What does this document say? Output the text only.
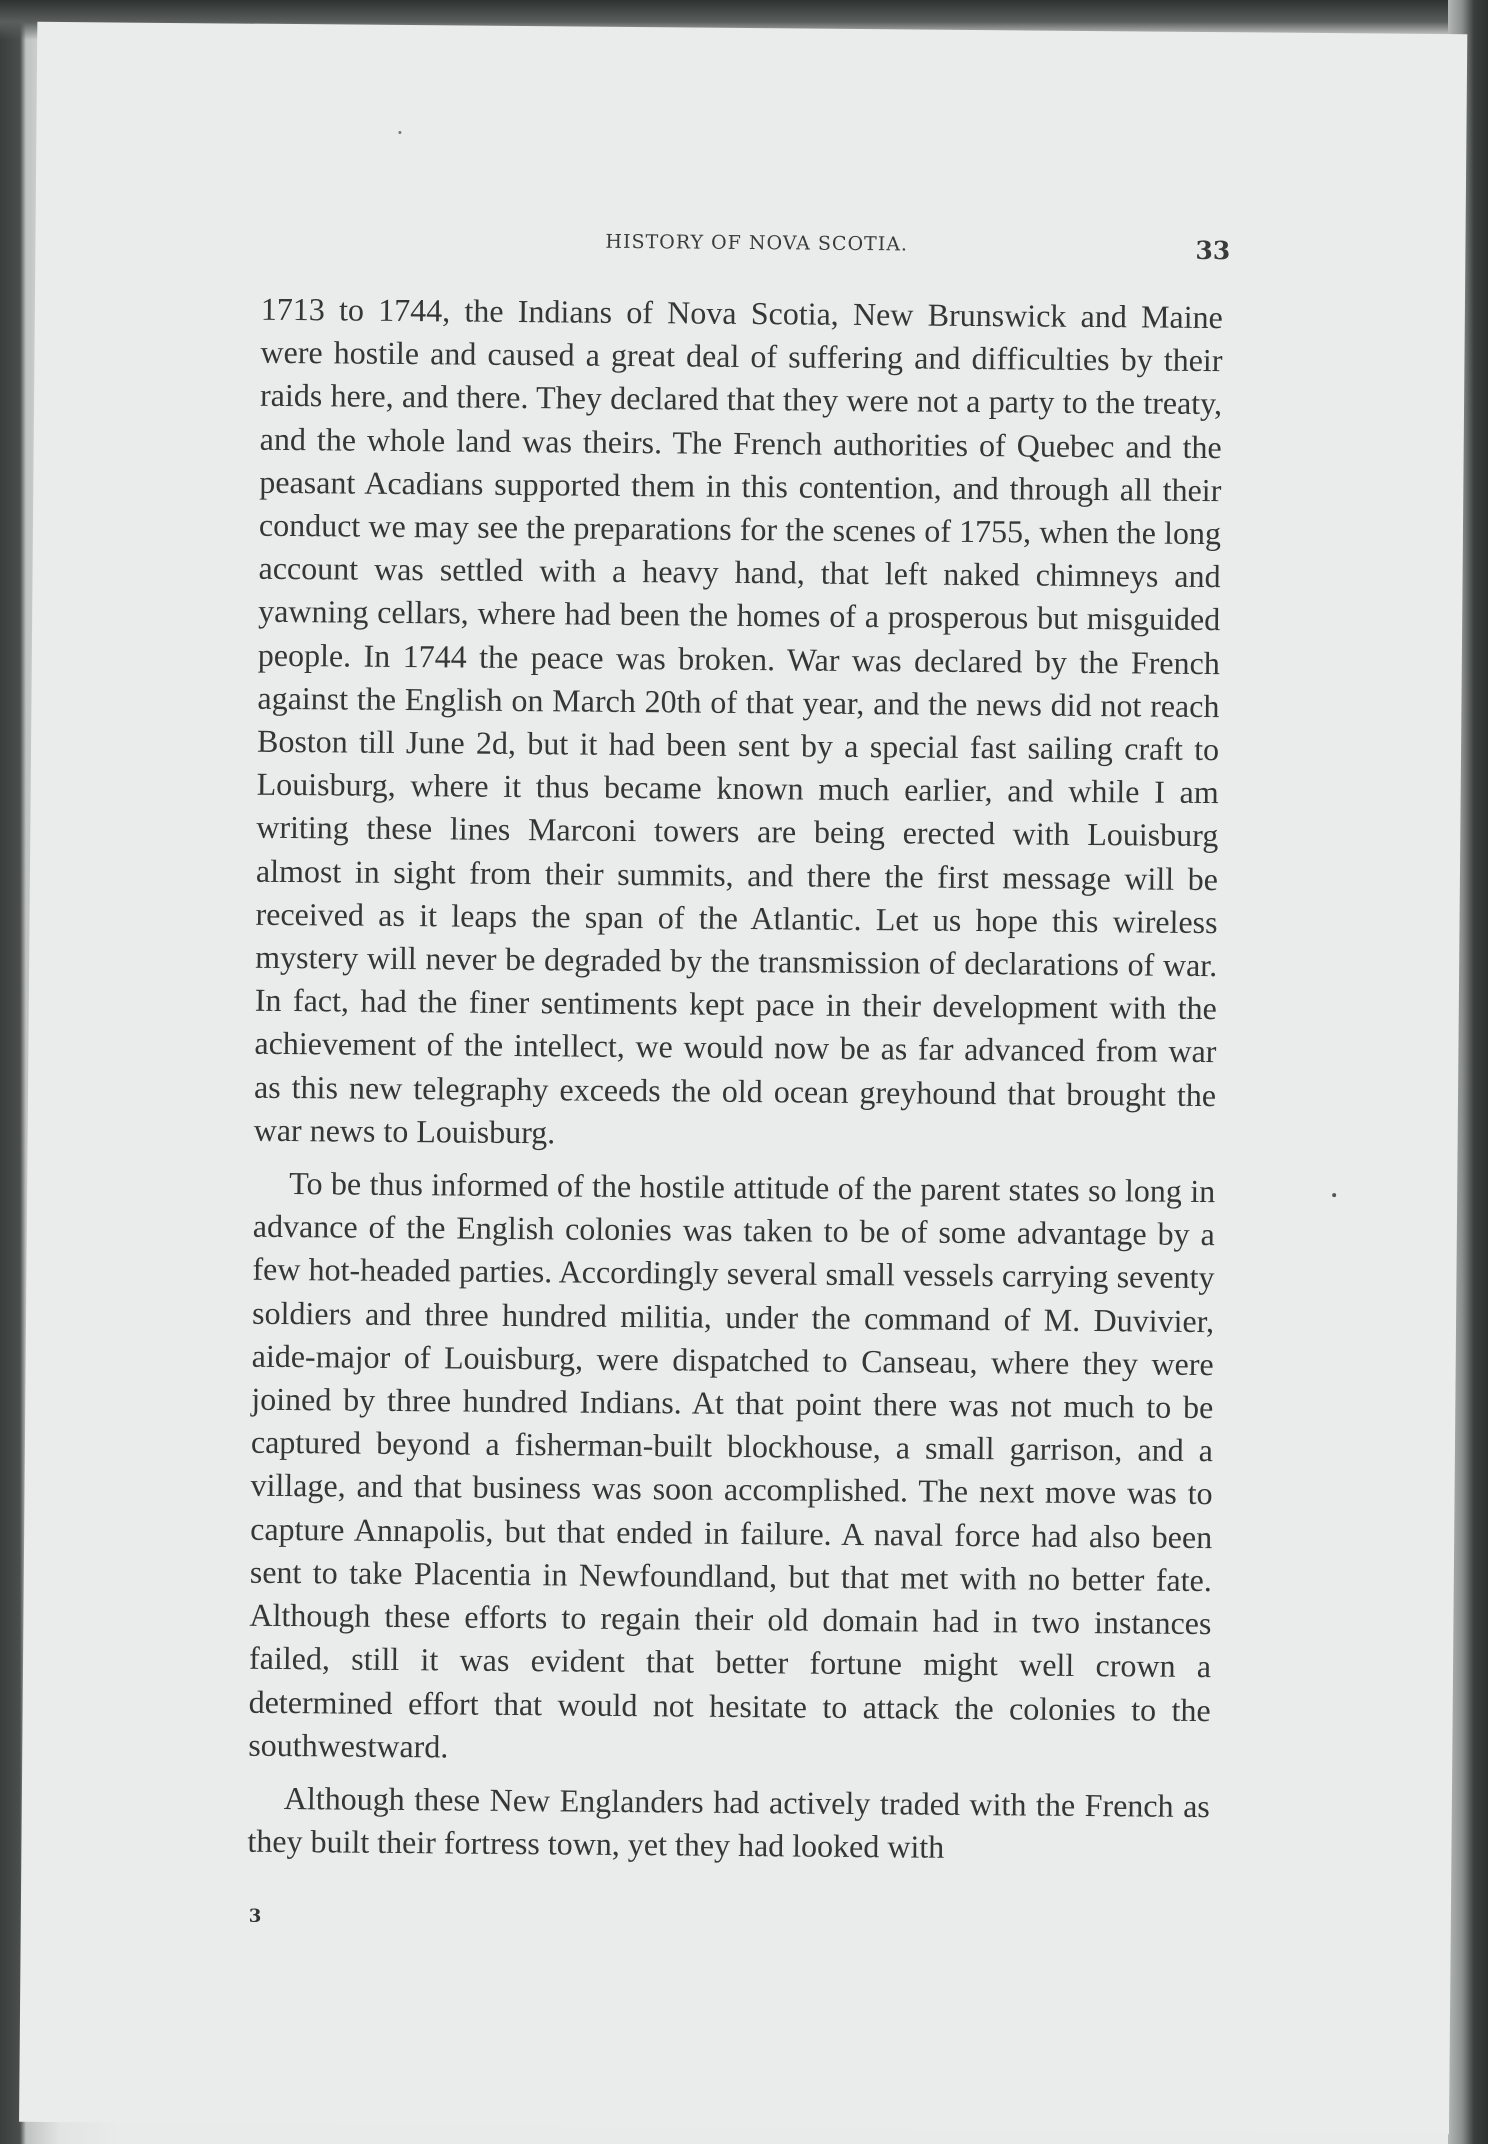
HISTORY OF NOVA SCOTIA.	33

1713 to 1744, the Indians of Nova Scotia, New Brunswick and Maine were hostile and caused a great deal of suffering and difficulties by their raids here, and there. They declared that they were not a party to the treaty, and the whole land was theirs. The French authorities of Quebec and the peasant Acadians supported them in this contention, and through all their conduct we may see the preparations for the scenes of 1755, when the long account was settled with a heavy hand, that left naked chimneys and yawning cellars, where had been the homes of a prosperous but misguided people. In 1744 the peace was broken. War was declared by the French against the English on March 20th of that year, and the news did not reach Boston till June 2d, but it had been sent by a special fast sailing craft to Louisburg, where it thus became known much earlier, and while I am writing these lines Marconi towers are being erected with Louisburg almost in sight from their summits, and there the first message will be received as it leaps the span of the Atlantic. Let us hope this wireless mystery will never be degraded by the transmission of declarations of war. In fact, had the finer sentiments kept pace in their development with the achievement of the intellect, we would now be as far advanced from war as this new telegraphy exceeds the old ocean greyhound that brought the war news to Louisburg.

To be thus informed of the hostile attitude of the parent states so long in advance of the English colonies was taken to be of some advantage by a few hot-headed parties. Accordingly several small vessels carrying seventy soldiers and three hundred militia, under the command of M. Duvivier, aide-major of Louisburg, were dispatched to Canseau, where they were joined by three hundred Indians. At that point there was not much to be captured beyond a fisherman-built blockhouse, a small garrison, and a village, and that business was soon accomplished. The next move was to capture Annapolis, but that ended in failure. A naval force had also been sent to take Placentia in Newfoundland, but that met with no better fate. Although these efforts to regain their old domain had in two instances failed, still it was evident that better fortune might well crown a determined effort that would not hesitate to attack the colonies to the southwestward.

Although these New Englanders had actively traded with the French as they built their fortress town, yet they had looked with

3
